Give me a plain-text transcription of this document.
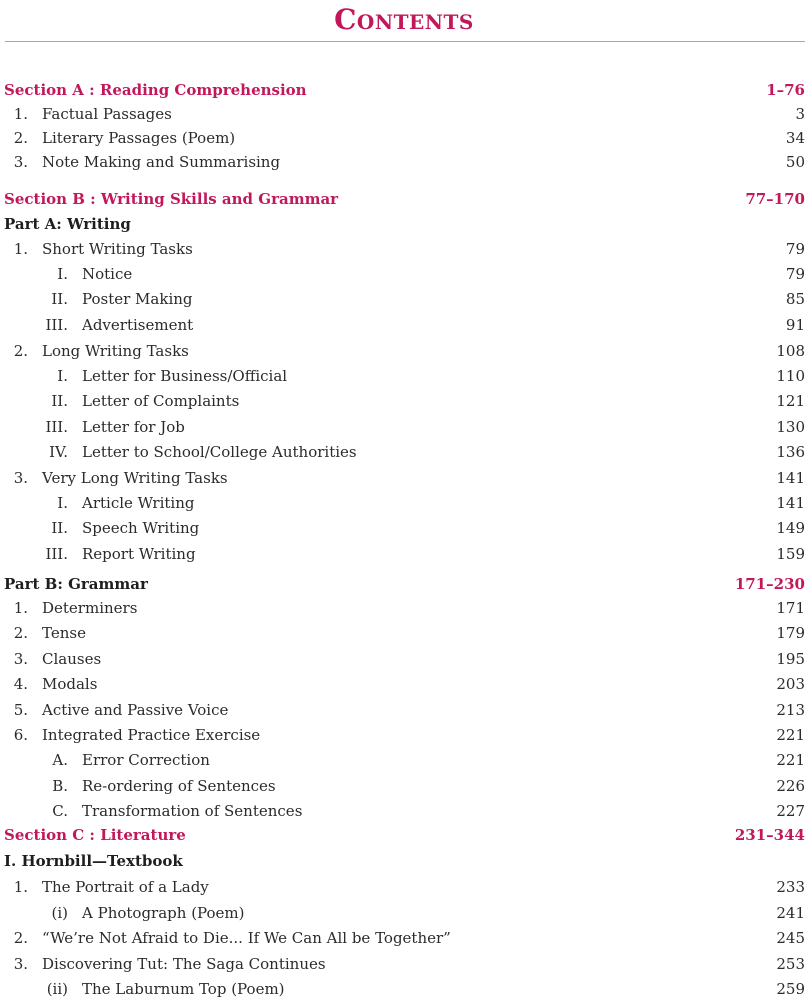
Contents
Section A : Reading Comprehension	1–76
1. Factual Passages	3
2. Literary Passages (Poem)	34
3. Note Making and Summarising	50
Section B : Writing Skills and Grammar	77–170
Part A: Writing
1. Short Writing Tasks	79
I. Notice	79
II. Poster Making	85
III. Advertisement	91
2. Long Writing Tasks	108
I. Letter for Business/Official	110
II. Letter of Complaints	121
III. Letter for Job	130
IV. Letter to School/College Authorities	136
3. Very Long Writing Tasks	141
I. Article Writing	141
II. Speech Writing	149
III. Report Writing	159
Part B: Grammar	171–230
1. Determiners	171
2. Tense	179
3. Clauses	195
4. Modals	203
5. Active and Passive Voice	213
6. Integrated Practice Exercise	221
A. Error Correction	221
B. Re-ordering of Sentences	226
C. Transformation of Sentences	227
Section C : Literature	231–344
I. Hornbill—Textbook
1. The Portrait of a Lady	233
(i) A Photograph (Poem)	241
2. “We’re Not Afraid to Die... If We Can All be Together”	245
3. Discovering Tut: The Saga Continues	253
(ii) The Laburnum Top (Poem)	259
